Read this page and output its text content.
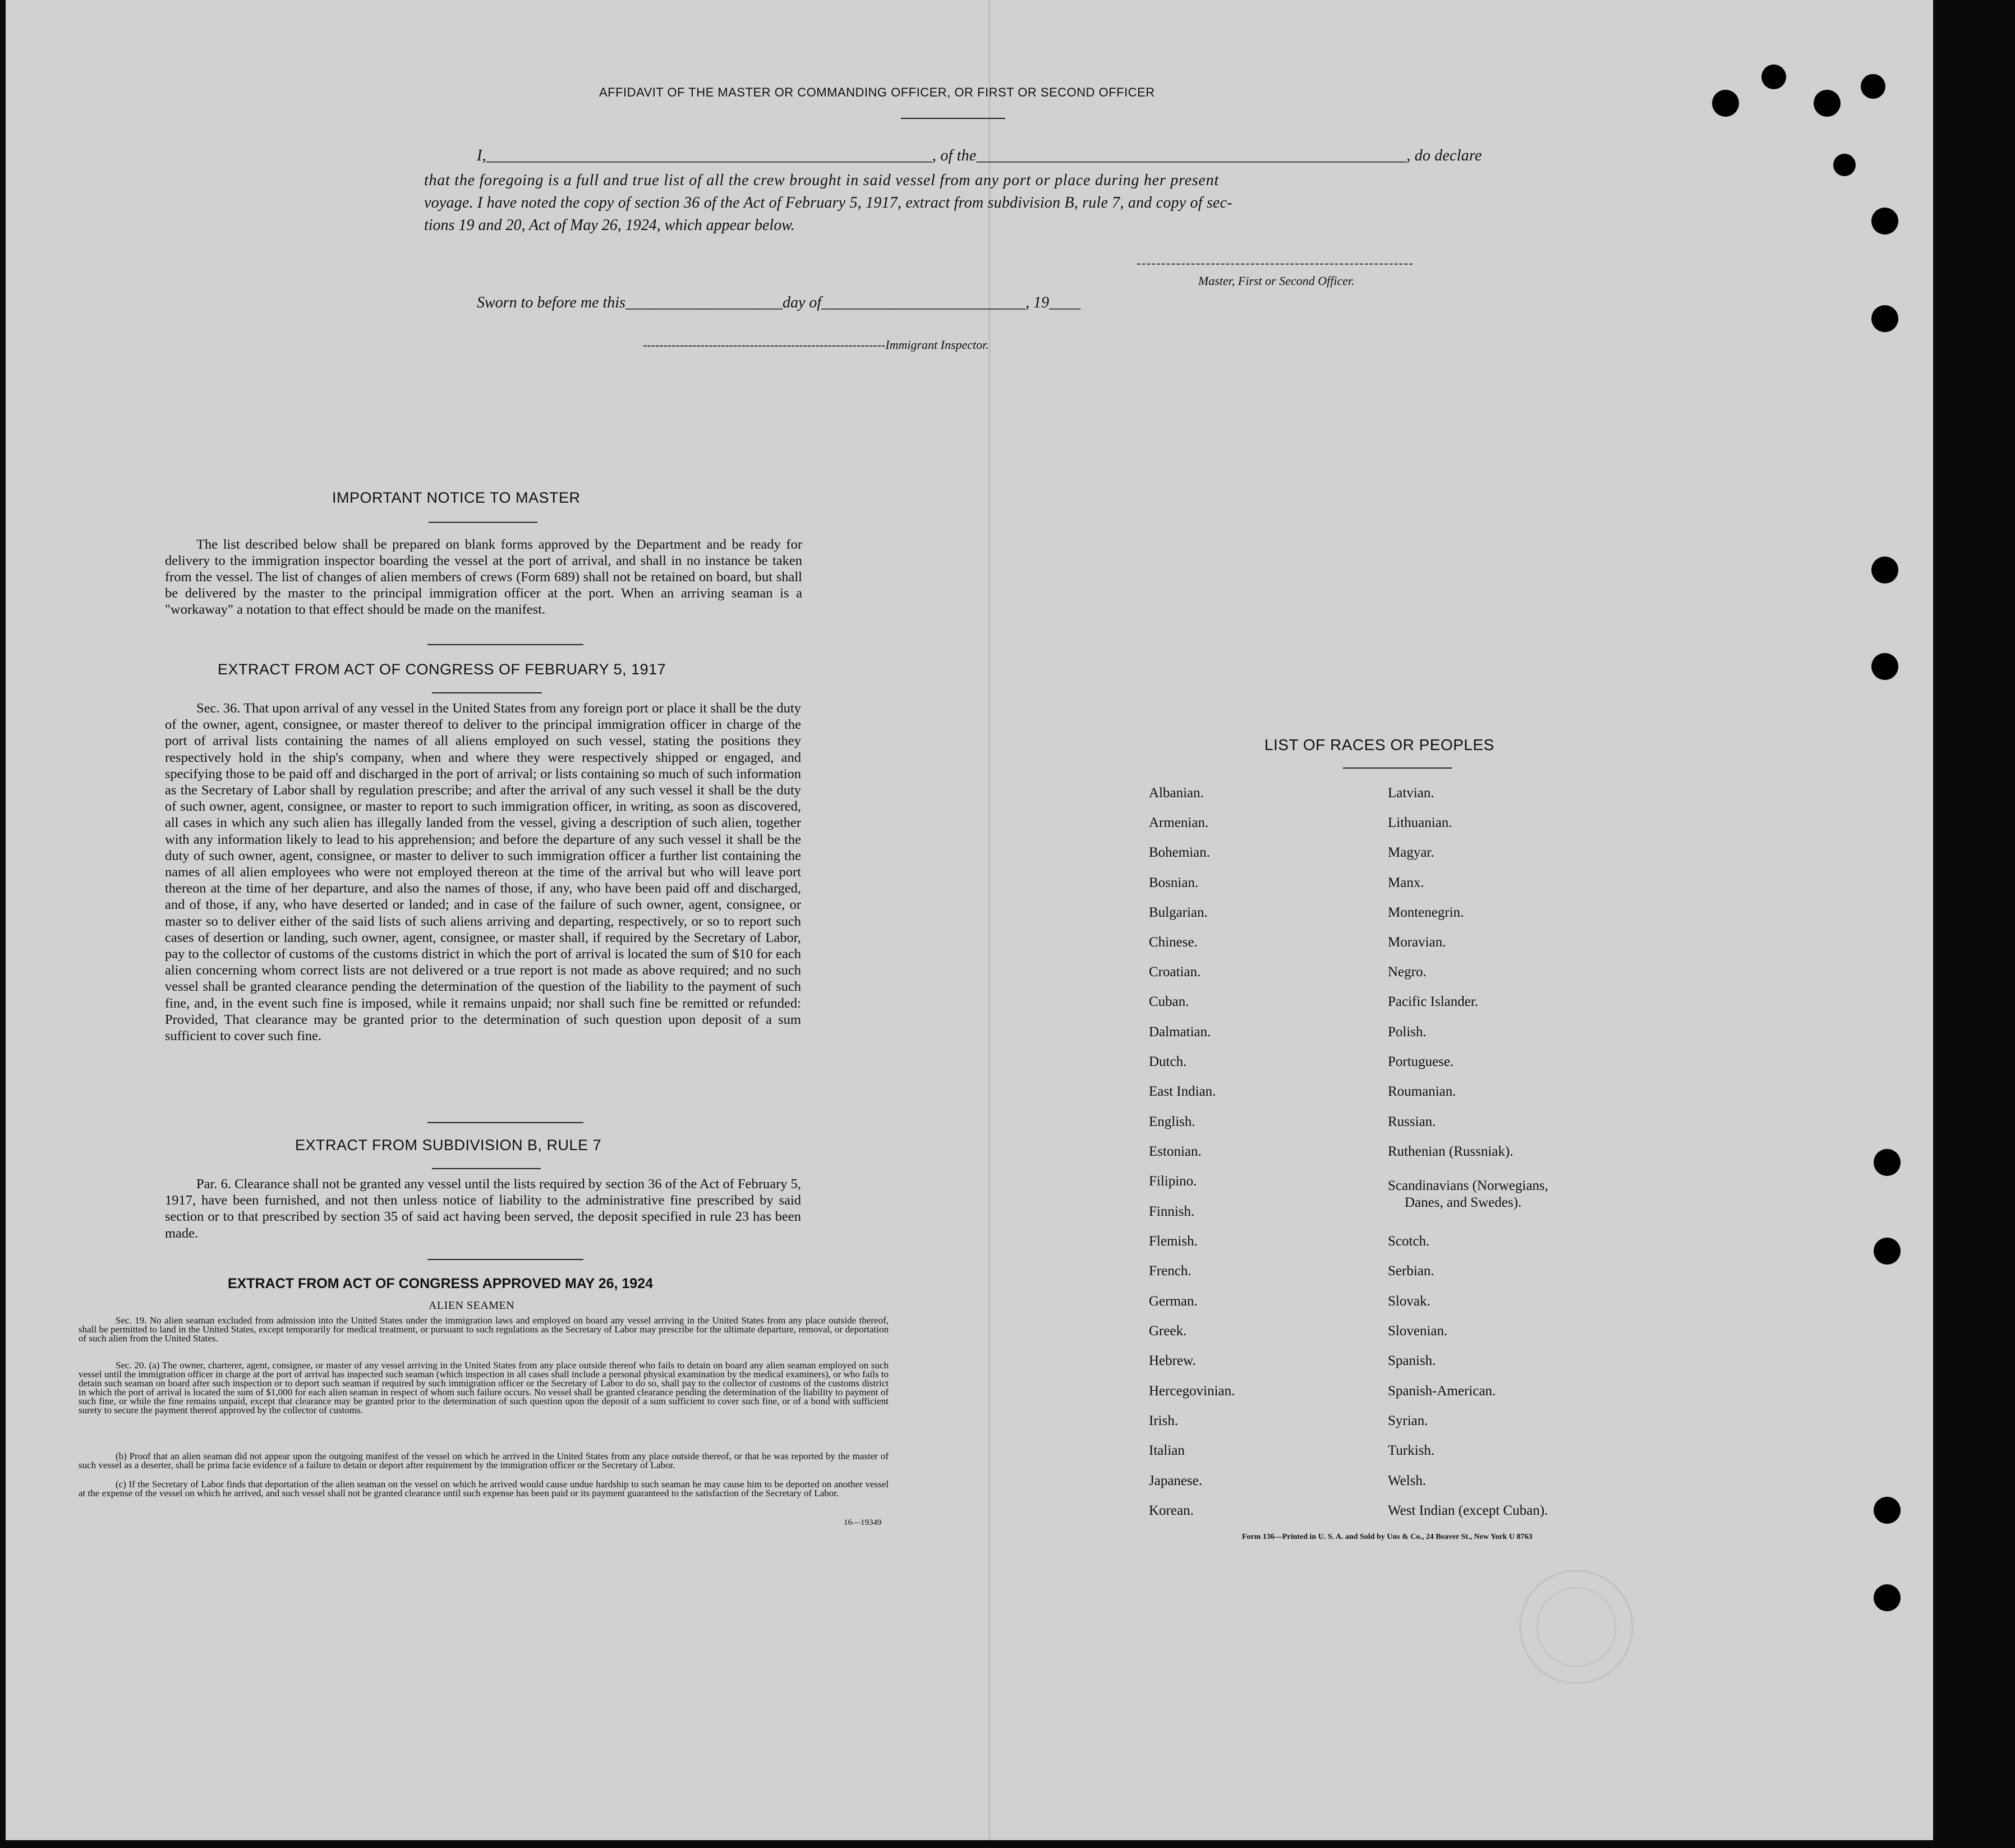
AFFIDAVIT OF THE MASTER OR COMMANDING OFFICER, OR FIRST OR SECOND OFFICER
I,________________________________________________________, of the______________________________________________________, do declare
that the foregoing is a full and true list of all the crew brought in said vessel from any port or place during her present
voyage. I have noted the copy of section 36 of the Act of February 5, 1917, extract from subdivision B, rule 7, and copy of sec-
tions 19 and 20, Act of May 26, 1924, which appear below.
--------------------------------------------------------
Master, First or Second Officer.
Sworn to before me this____________________day of__________________________, 19____
-----------------------------------------------------------Immigrant Inspector.
IMPORTANT NOTICE TO MASTER
The list described below shall be prepared on blank forms approved by the Department and be ready for delivery to the immigration inspector boarding the vessel at the port of arrival, and shall in no instance be taken from the vessel. The list of changes of alien members of crews (Form 689) shall not be retained on board, but shall be delivered by the master to the principal immigration officer at the port. When an arriving seaman is a "workaway" a notation to that effect should be made on the manifest.
EXTRACT FROM ACT OF CONGRESS OF FEBRUARY 5, 1917
Sec. 36. That upon arrival of any vessel in the United States from any foreign port or place it shall be the duty of the owner, agent, consignee, or master thereof to deliver to the principal immigration officer in charge of the port of arrival lists containing the names of all aliens employed on such vessel, stating the positions they respectively hold in the ship's company, when and where they were respectively shipped or engaged, and specifying those to be paid off and discharged in the port of arrival; or lists containing so much of such information as the Secretary of Labor shall by regulation prescribe; and after the arrival of any such vessel it shall be the duty of such owner, agent, consignee, or master to report to such immigration officer, in writing, as soon as discovered, all cases in which any such alien has illegally landed from the vessel, giving a description of such alien, together with any information likely to lead to his apprehension; and before the departure of any such vessel it shall be the duty of such owner, agent, consignee, or master to deliver to such immigration officer a further list containing the names of all alien employees who were not employed thereon at the time of the arrival but who will leave port thereon at the time of her departure, and also the names of those, if any, who have been paid off and discharged, and of those, if any, who have deserted or landed; and in case of the failure of such owner, agent, consignee, or master so to deliver either of the said lists of such aliens arriving and departing, respectively, or so to report such cases of desertion or landing, such owner, agent, consignee, or master shall, if required by the Secretary of Labor, pay to the collector of customs of the customs district in which the port of arrival is located the sum of $10 for each alien concerning whom correct lists are not delivered or a true report is not made as above required; and no such vessel shall be granted clearance pending the determination of the question of the liability to the payment of such fine, and, in the event such fine is imposed, while it remains unpaid; nor shall such fine be remitted or refunded: Provided, That clearance may be granted prior to the determination of such question upon deposit of a sum sufficient to cover such fine.
EXTRACT FROM SUBDIVISION B, RULE 7
Par. 6. Clearance shall not be granted any vessel until the lists required by section 36 of the Act of February 5, 1917, have been furnished, and not then unless notice of liability to the administrative fine prescribed by said section or to that prescribed by section 35 of said act having been served, the deposit specified in rule 23 has been made.
EXTRACT FROM ACT OF CONGRESS APPROVED MAY 26, 1924
ALIEN SEAMEN
Sec. 19. No alien seaman excluded from admission into the United States under the immigration laws and employed on board any vessel arriving in the United States from any place outside thereof, shall be permitted to land in the United States, except temporarily for medical treatment, or pursuant to such regulations as the Secretary of Labor may prescribe for the ultimate departure, removal, or deportation of such alien from the United States.
Sec. 20. (a) The owner, charterer, agent, consignee, or master of any vessel arriving in the United States from any place outside thereof who fails to detain on board any alien seaman employed on such vessel until the immigration officer in charge at the port of arrival has inspected such seaman (which inspection in all cases shall include a personal physical examination by the medical examiners), or who fails to detain such seaman on board after such inspection or to deport such seaman if required by such immigration officer or the Secretary of Labor to do so, shall pay to the collector of customs of the customs district in which the port of arrival is located the sum of $1,000 for each alien seaman in respect of whom such failure occurs. No vessel shall be granted clearance pending the determination of the liability to payment of such fine, or while the fine remains unpaid, except that clearance may be granted prior to the determination of such question upon the deposit of a sum sufficient to cover such fine, or of a bond with sufficient surety to secure the payment thereof approved by the collector of customs.
(b) Proof that an alien seaman did not appear upon the outgoing manifest of the vessel on which he arrived in the United States from any place outside thereof, or that he was reported by the master of such vessel as a deserter, shall be prima facie evidence of a failure to detain or deport after requirement by the immigration officer or the Secretary of Labor.
(c) If the Secretary of Labor finds that deportation of the alien seaman on the vessel on which he arrived would cause undue hardship to such seaman he may cause him to be deported on another vessel at the expense of the vessel on which he arrived, and such vessel shall not be granted clearance until such expense has been paid or its payment guaranteed to the satisfaction of the Secretary of Labor.
16—19349
LIST OF RACES OR PEOPLES
Albanian.
Armenian.
Bohemian.
Bosnian.
Bulgarian.
Chinese.
Croatian.
Cuban.
Dalmatian.
Dutch.
East Indian.
English.
Estonian.
Filipino.
Finnish.
Flemish.
French.
German.
Greek.
Hebrew.
Hercegovinian.
Irish.
Italian
Japanese.
Korean.
Latvian.
Lithuanian.
Magyar.
Manx.
Montenegrin.
Moravian.
Negro.
Pacific Islander.
Polish.
Portuguese.
Roumanian.
Russian.
Ruthenian (Russniak).
Scandinavians (Norwegians,
Danes, and Swedes).
Scotch.
Serbian.
Slovak.
Slovenian.
Spanish.
Spanish-American.
Syrian.
Turkish.
Welsh.
West Indian (except Cuban).
Form 136—Printed in U. S. A. and Sold by Uns & Co., 24 Beaver St., New York U 8763
